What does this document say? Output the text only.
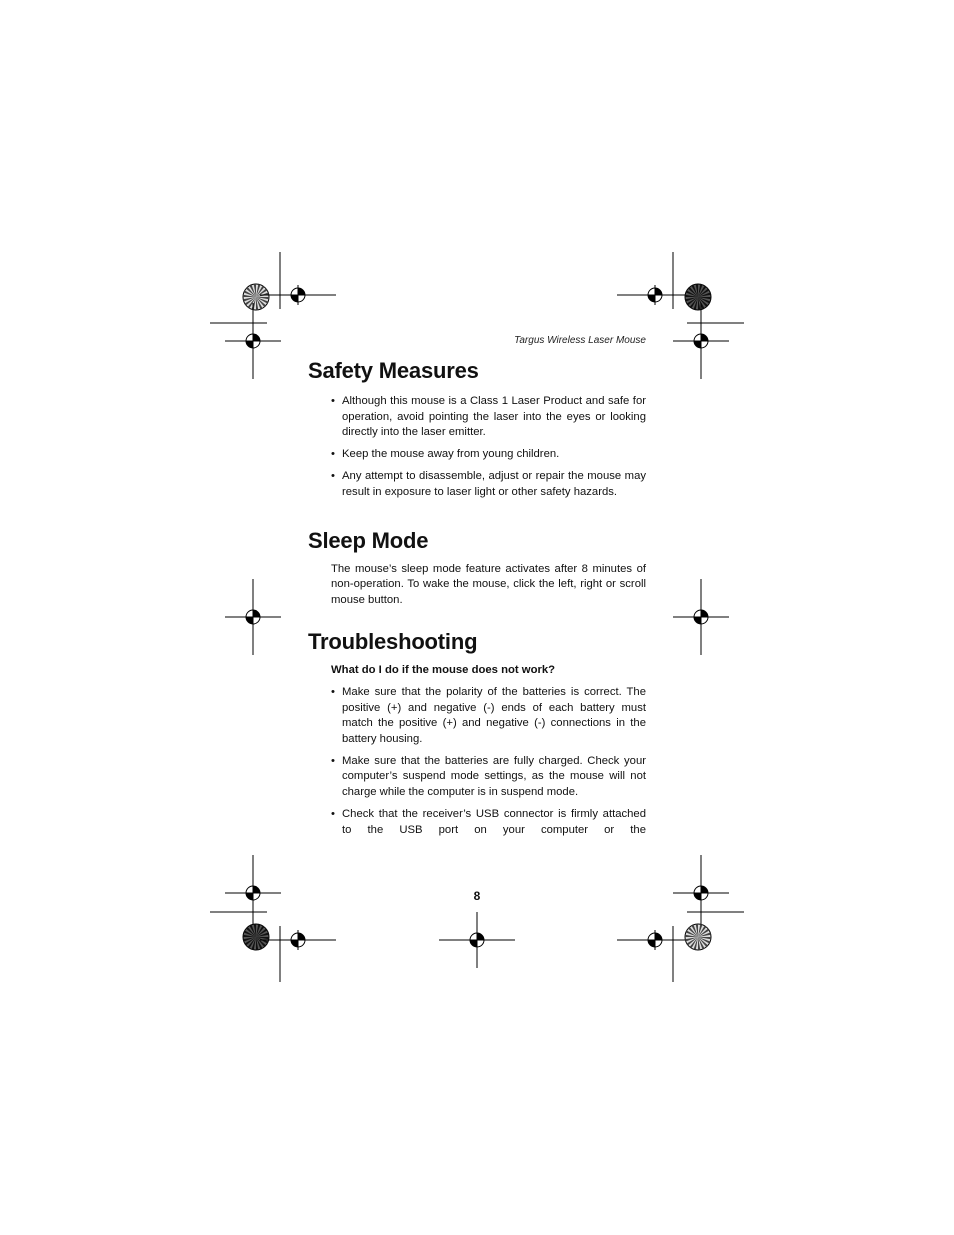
Targus Wireless Laser Mouse
Safety Measures
• Although this mouse is a Class 1 Laser Product and safe for operation, avoid pointing the laser into the eyes or looking directly into the laser emitter.
• Keep the mouse away from young children.
• Any attempt to disassemble, adjust or repair the mouse may result in exposure to laser light or other safety hazards.
Sleep Mode

The mouse’s sleep mode feature activates after 8 minutes of non-operation. To wake the mouse, click the left, right or scroll mouse button.

Troubleshooting

What do I do if the mouse does not work?

• Make sure that the polarity of the batteries is correct. The positive (+) and negative (-) ends of each battery must match the positive (+) and negative (-) connections in the battery housing.
• Make sure that the batteries are fully charged. Check your computer’s suspend mode settings, as the mouse will not charge while the computer is in suspend mode.
• Check that the receiver’s USB connector is firmly attached to the USB port on your computer or the
8
